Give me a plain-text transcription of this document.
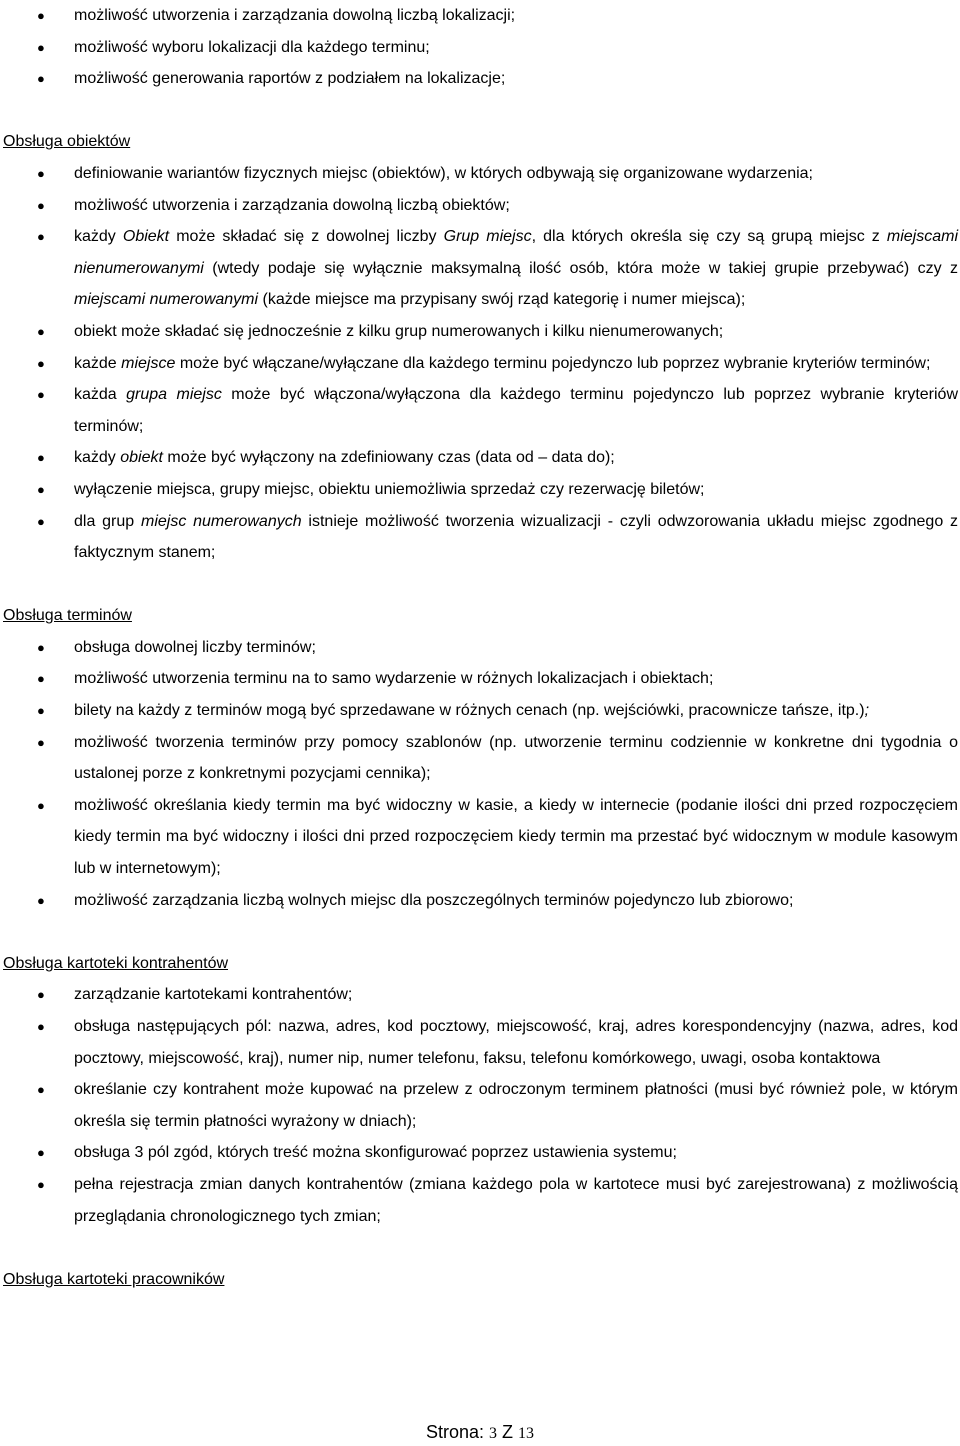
● możliwość utworzenia i zarządzania dowolną liczbą lokalizacji;
● możliwość wyboru lokalizacji dla każdego terminu;
● możliwość generowania raportów z podziałem na lokalizacje;
Obsługa obiektów
● definiowanie wariantów fizycznych miejsc (obiektów), w których odbywają się organizowane wydarzenia;
● możliwość utworzenia i zarządzania dowolną liczbą obiektów;
● każdy Obiekt może składać się z dowolnej liczby Grup miejsc, dla których określa się czy są grupą miejsc z miejscami nienumerowanymi (wtedy podaje się wyłącznie maksymalną ilość osób, która może w takiej grupie przebywać) czy z miejscami numerowanymi (każde miejsce ma przypisany swój rząd kategorię i numer miejsca);
● obiekt może składać się jednocześnie z kilku grup numerowanych i kilku nienumerowanych;
● każde miejsce może być włączane/wyłączane dla każdego terminu pojedynczo lub poprzez wybranie kryteriów terminów;
● każda grupa miejsc może być włączona/wyłączona dla każdego terminu pojedynczo lub poprzez wybranie kryteriów terminów;
● każdy obiekt może być wyłączony na zdefiniowany czas (data od – data do);
● wyłączenie miejsca, grupy miejsc, obiektu uniemożliwia sprzedaż czy rezerwację biletów;
● dla grup miejsc numerowanych istnieje możliwość tworzenia wizualizacji - czyli odwzorowania układu miejsc zgodnego z faktycznym stanem;
Obsługa terminów
● obsługa dowolnej liczby terminów;
● możliwość utworzenia terminu na to samo wydarzenie w różnych lokalizacjach i obiektach;
● bilety na każdy z terminów mogą być sprzedawane w różnych cenach (np. wejściówki, pracownicze tańsze, itp.);
● możliwość tworzenia terminów przy pomocy szablonów (np. utworzenie terminu codziennie w konkretne dni tygodnia o ustalonej porze z konkretnymi pozycjami cennika);
● możliwość określania kiedy termin ma być widoczny w kasie, a kiedy w internecie (podanie ilości dni przed rozpoczęciem kiedy termin ma być widoczny i ilości dni przed rozpoczęciem kiedy termin ma przestać być widocznym w module kasowym lub w internetowym);
● możliwość zarządzania liczbą wolnych miejsc dla poszczególnych terminów pojedynczo lub zbiorowo;
Obsługa kartoteki kontrahentów
● zarządzanie kartotekami kontrahentów;
● obsługa następujących pól: nazwa, adres, kod pocztowy, miejscowość, kraj, adres korespondencyjny (nazwa, adres, kod pocztowy, miejscowość, kraj), numer nip, numer telefonu, faksu, telefonu komórkowego, uwagi, osoba kontaktowa
● określanie czy kontrahent może kupować na przelew z odroczonym terminem płatności (musi być również pole, w którym określa się termin płatności wyrażony w dniach);
● obsługa 3 pól zgód, których treść można skonfigurować poprzez ustawienia systemu;
● pełna rejestracja zmian danych kontrahentów (zmiana każdego pola w kartotece musi być zarejestrowana) z możliwością przeglądania chronologicznego tych zmian;
Obsługa kartoteki pracowników
Strona: 3 Z 13
